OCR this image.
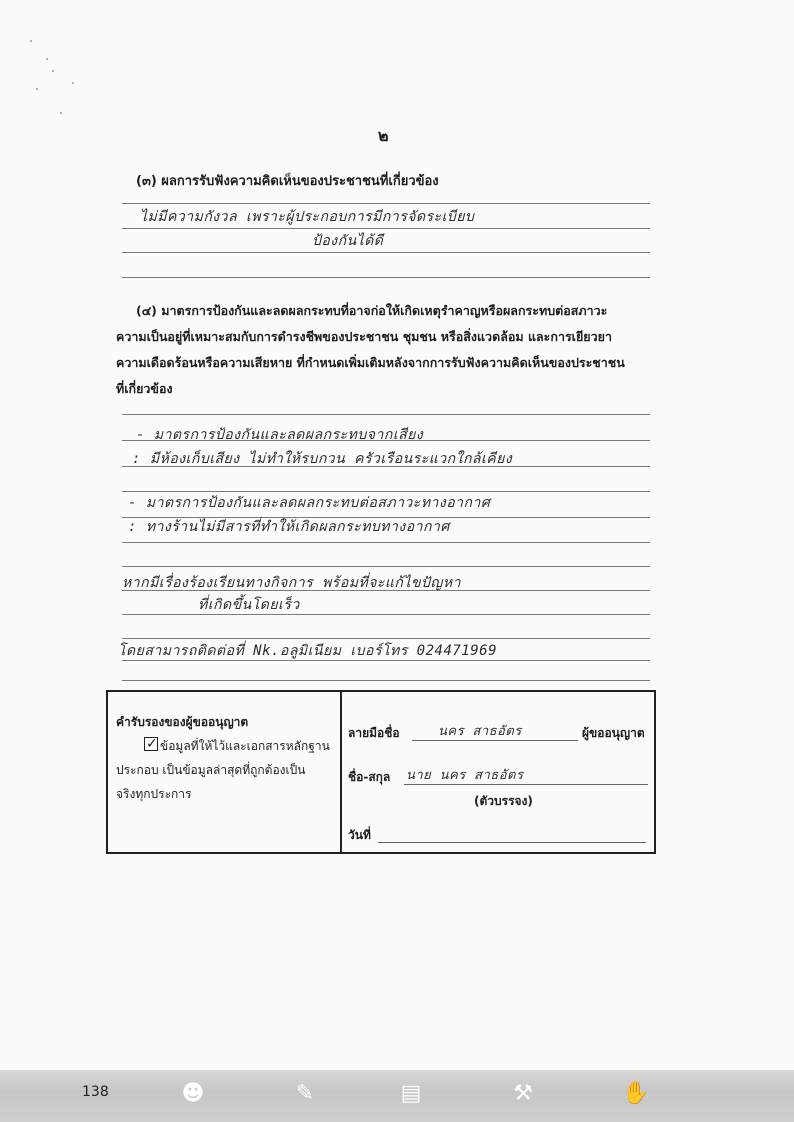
๒
(๓) ผลการรับฟังความคิดเห็นของประชาชนที่เกี่ยวข้อง
ไม่มีความกังวล เพราะผู้ประกอบการมีการจัดระเบียบ
ป้องกันได้ดี
(๔) มาตรการป้องกันและลดผลกระทบที่อาจก่อให้เกิดเหตุรำคาญหรือผลกระทบต่อสภาวะ
ความเป็นอยู่ที่เหมาะสมกับการดำรงชีพของประชาชน ชุมชน หรือสิ่งแวดล้อม และการเยียวยา
ความเดือดร้อนหรือความเสียหาย ที่กำหนดเพิ่มเติมหลังจากการรับฟังความคิดเห็นของประชาชน
ที่เกี่ยวข้อง
- มาตรการป้องกันและลดผลกระทบจากเสียง
: มีห้องเก็บเสียง ไม่ทำให้รบกวน ครัวเรือนระแวกใกล้เคียง
- มาตรการป้องกันและลดผลกระทบต่อสภาวะทางอากาศ
: ทางร้านไม่มีสารที่ทำให้เกิดผลกระทบทางอากาศ
หากมีเรื่องร้องเรียนทางกิจการ พร้อมที่จะแก้ไขปัญหา
ที่เกิดขึ้นโดยเร็ว
โดยสามารถติดต่อที่ Nk.อลูมิเนียม เบอร์โทร 024471969
คำรับรองของผู้ขออนุญาต
✓ข้อมูลที่ให้ไว้และเอกสารหลักฐาน
ประกอบ เป็นข้อมูลล่าสุดที่ถูกต้องเป็น
จริงทุกประการ
ลายมือชื่อ	นคร สาธอัตร	ผู้ขออนุญาต
ชื่อ-สกุล นาย นคร สาธอัตร
(ตัวบรรจง)
วันที่
138	☻	✎	▤	⚒	✋
